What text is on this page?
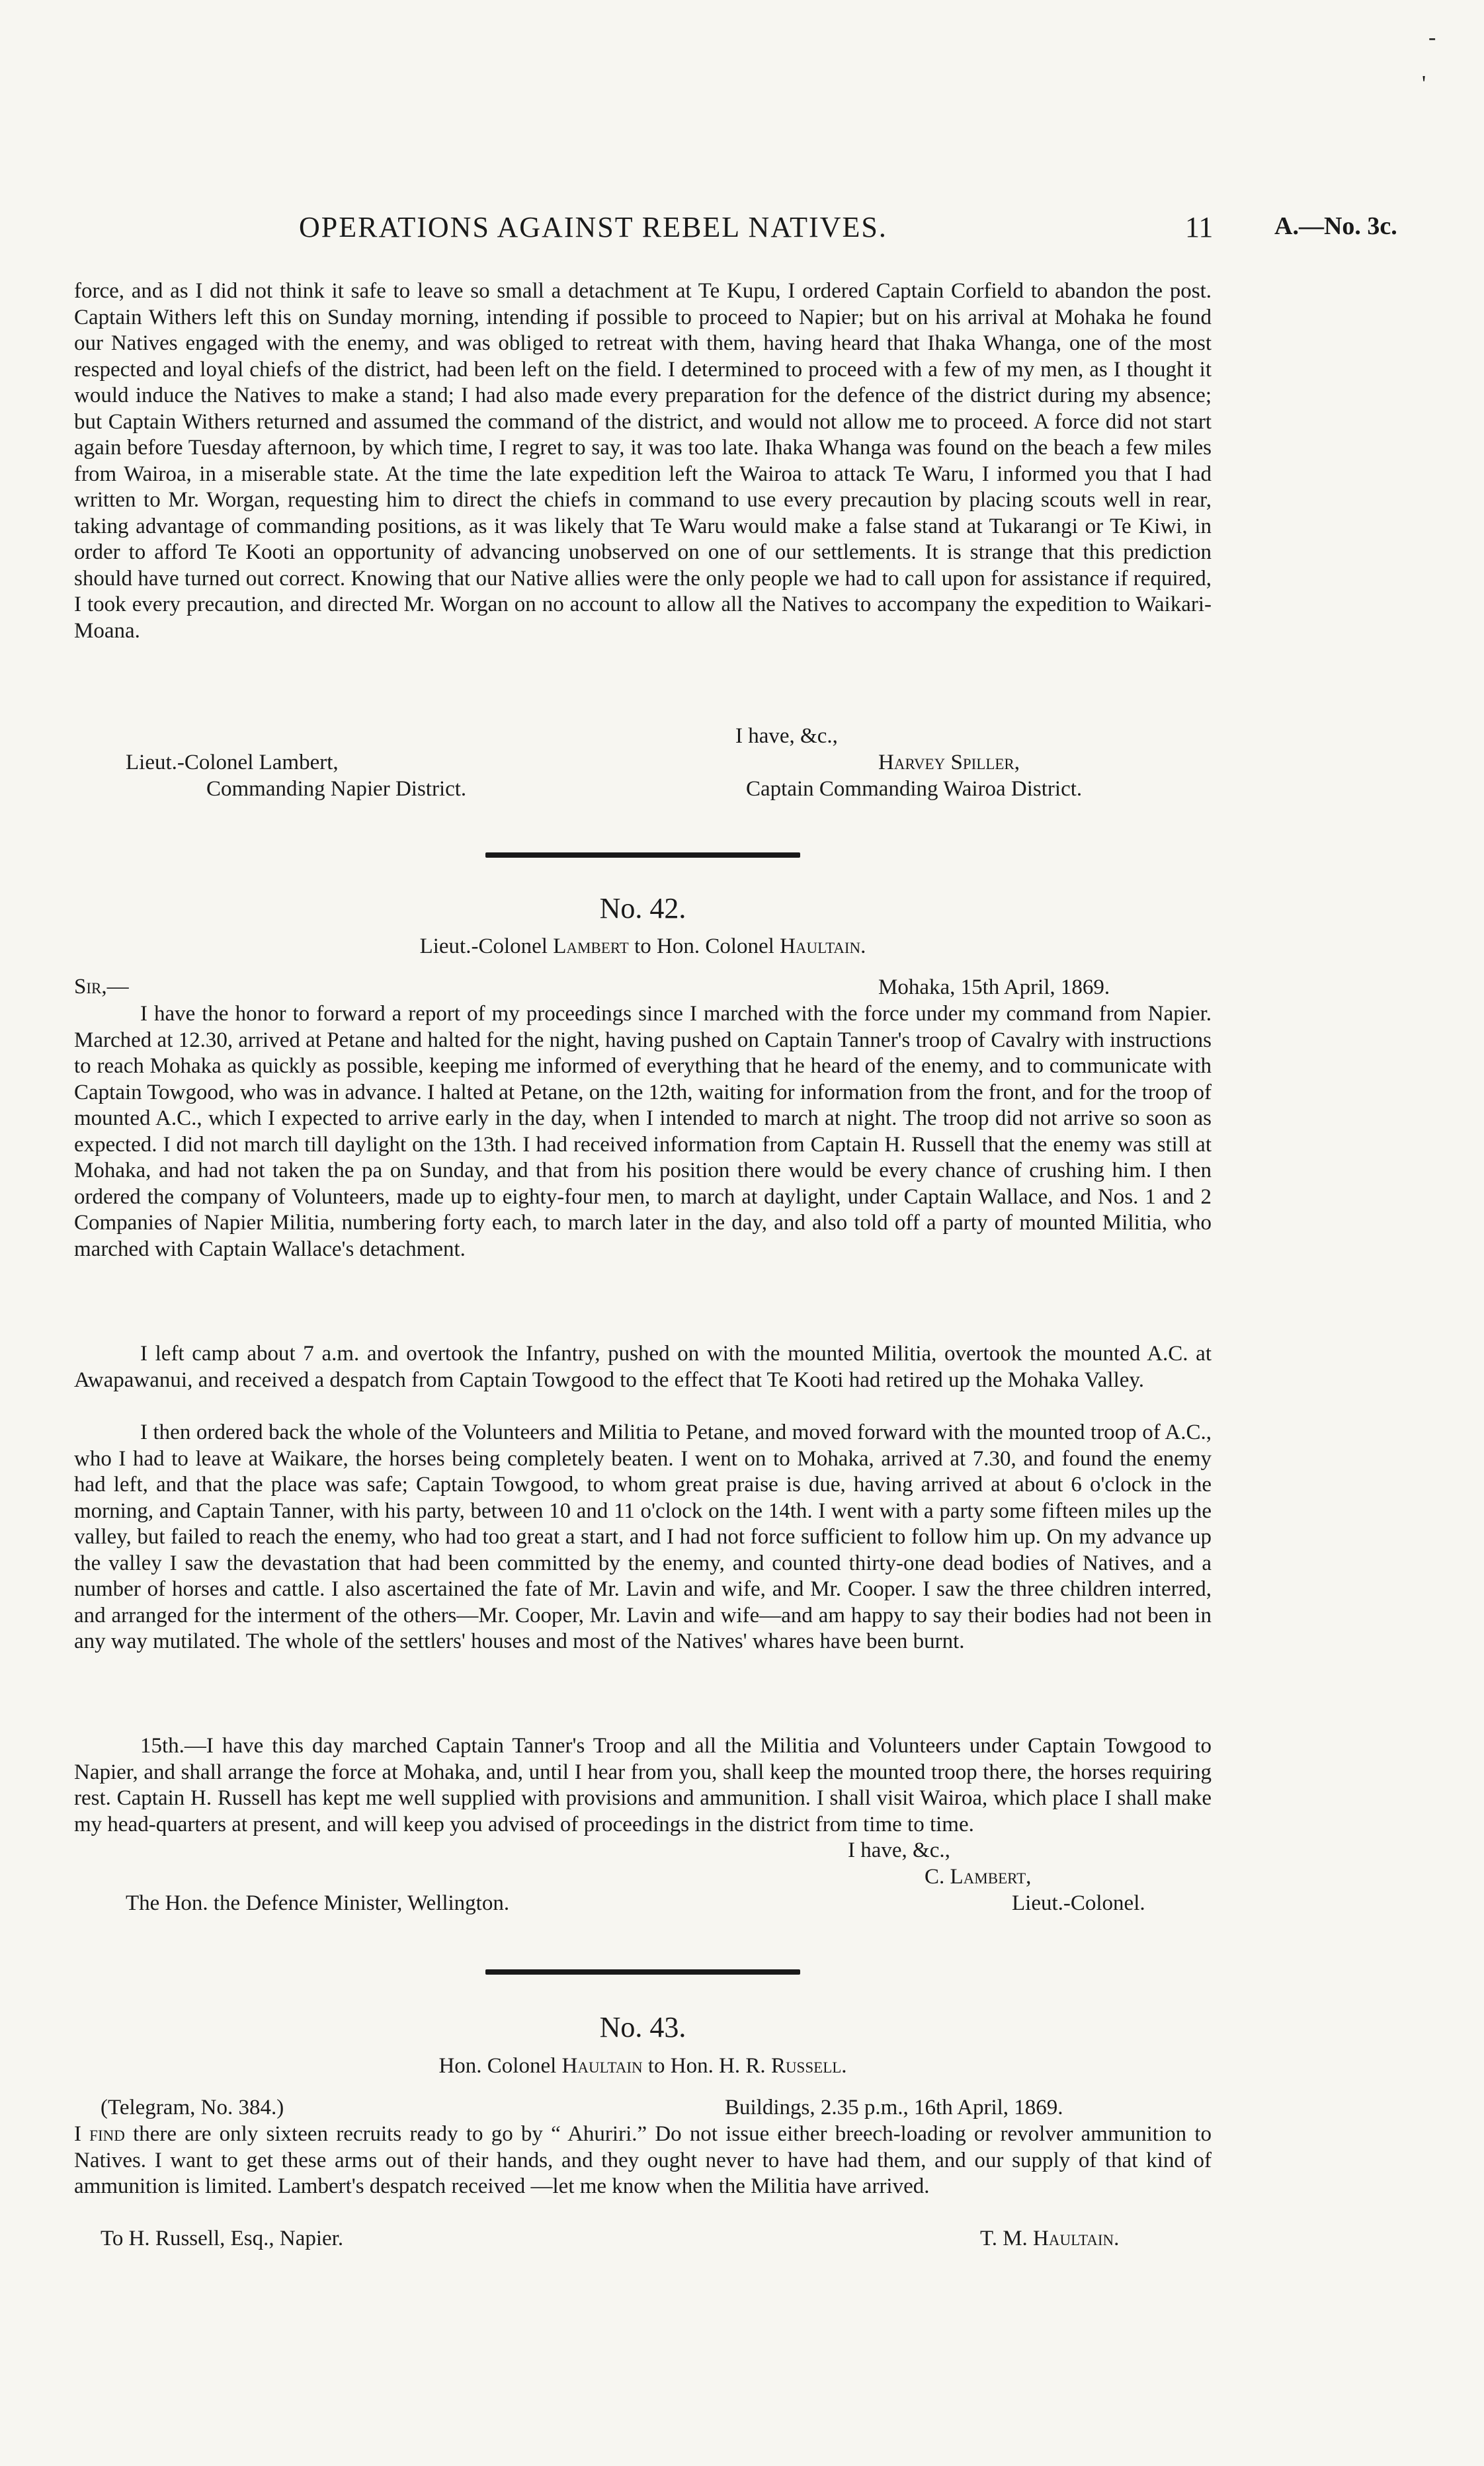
-
'
OPERATIONS AGAINST REBEL NATIVES.	11 A.—No. 3c.
force, and as I did not think it safe to leave so small a detachment at Te Kupu, I ordered Captain Corfield to abandon the post. Captain Withers left this on Sunday morning, intending if possible to proceed to Napier; but on his arrival at Mohaka he found our Natives engaged with the enemy, and was obliged to retreat with them, having heard that Ihaka Whanga, one of the most respected and loyal chiefs of the district, had been left on the field. I determined to proceed with a few of my men, as I thought it would induce the Natives to make a stand; I had also made every preparation for the defence of the district during my absence; but Captain Withers returned and assumed the command of the district, and would not allow me to proceed. A force did not start again before Tuesday afternoon, by which time, I regret to say, it was too late. Ihaka Whanga was found on the beach a few miles from Wairoa, in a miserable state. At the time the late expedition left the Wairoa to attack Te Waru, I informed you that I had written to Mr. Worgan, requesting him to direct the chiefs in command to use every precaution by placing scouts well in rear, taking advantage of commanding positions, as it was likely that Te Waru would make a false stand at Tukarangi or Te Kiwi, in order to afford Te Kooti an opportunity of advancing unobserved on one of our settlements. It is strange that this prediction should have turned out correct. Knowing that our Native allies were the only people we had to call upon for assistance if required, I took every precaution, and directed Mr. Worgan on no account to allow all the Natives to accompany the expedition to Waikari-Moana.
I have, &c.,
Lieut.-Colonel Lambert,	Harvey Spiller,
Commanding Napier District.	Captain Commanding Wairoa District.
No. 42.
Lieut.-Colonel Lambert to Hon. Colonel Haultain.
Sir,—	Mohaka, 15th April, 1869.
I have the honor to forward a report of my proceedings since I marched with the force under my command from Napier. Marched at 12.30, arrived at Petane and halted for the night, having pushed on Captain Tanner's troop of Cavalry with instructions to reach Mohaka as quickly as possible, keeping me informed of everything that he heard of the enemy, and to communicate with Captain Towgood, who was in advance. I halted at Petane, on the 12th, waiting for information from the front, and for the troop of mounted A.C., which I expected to arrive early in the day, when I intended to march at night. The troop did not arrive so soon as expected. I did not march till daylight on the 13th. I had received information from Captain H. Russell that the enemy was still at Mohaka, and had not taken the pa on Sunday, and that from his position there would be every chance of crushing him. I then ordered the company of Volunteers, made up to eighty-four men, to march at daylight, under Captain Wallace, and Nos. 1 and 2 Companies of Napier Militia, numbering forty each, to march later in the day, and also told off a party of mounted Militia, who marched with Captain Wallace's detachment.
I left camp about 7 a.m. and overtook the Infantry, pushed on with the mounted Militia, overtook the mounted A.C. at Awapawanui, and received a despatch from Captain Towgood to the effect that Te Kooti had retired up the Mohaka Valley.
I then ordered back the whole of the Volunteers and Militia to Petane, and moved forward with the mounted troop of A.C., who I had to leave at Waikare, the horses being completely beaten. I went on to Mohaka, arrived at 7.30, and found the enemy had left, and that the place was safe; Captain Towgood, to whom great praise is due, having arrived at about 6 o'clock in the morning, and Captain Tanner, with his party, between 10 and 11 o'clock on the 14th. I went with a party some fifteen miles up the valley, but failed to reach the enemy, who had too great a start, and I had not force sufficient to follow him up. On my advance up the valley I saw the devastation that had been committed by the enemy, and counted thirty-one dead bodies of Natives, and a number of horses and cattle. I also ascertained the fate of Mr. Lavin and wife, and Mr. Cooper. I saw the three children interred, and arranged for the interment of the others—Mr. Cooper, Mr. Lavin and wife—and am happy to say their bodies had not been in any way mutilated. The whole of the settlers' houses and most of the Natives' whares have been burnt.
15th.—I have this day marched Captain Tanner's Troop and all the Militia and Volunteers under Captain Towgood to Napier, and shall arrange the force at Mohaka, and, until I hear from you, shall keep the mounted troop there, the horses requiring rest. Captain H. Russell has kept me well supplied with provisions and ammunition. I shall visit Wairoa, which place I shall make my head-quarters at present, and will keep you advised of proceedings in the district from time to time.
I have, &c.,
C. Lambert,
The Hon. the Defence Minister, Wellington.	Lieut.-Colonel.
No. 43.
Hon. Colonel Haultain to Hon. H. R. Russell.
(Telegram, No. 384.)	Buildings, 2.35 p.m., 16th April, 1869.
I find there are only sixteen recruits ready to go by “ Ahuriri.” Do not issue either breech-loading or revolver ammunition to Natives. I want to get these arms out of their hands, and they ought never to have had them, and our supply of that kind of ammunition is limited. Lambert's despatch received —let me know when the Militia have arrived.
To H. Russell, Esq., Napier.	T. M. Haultain.
